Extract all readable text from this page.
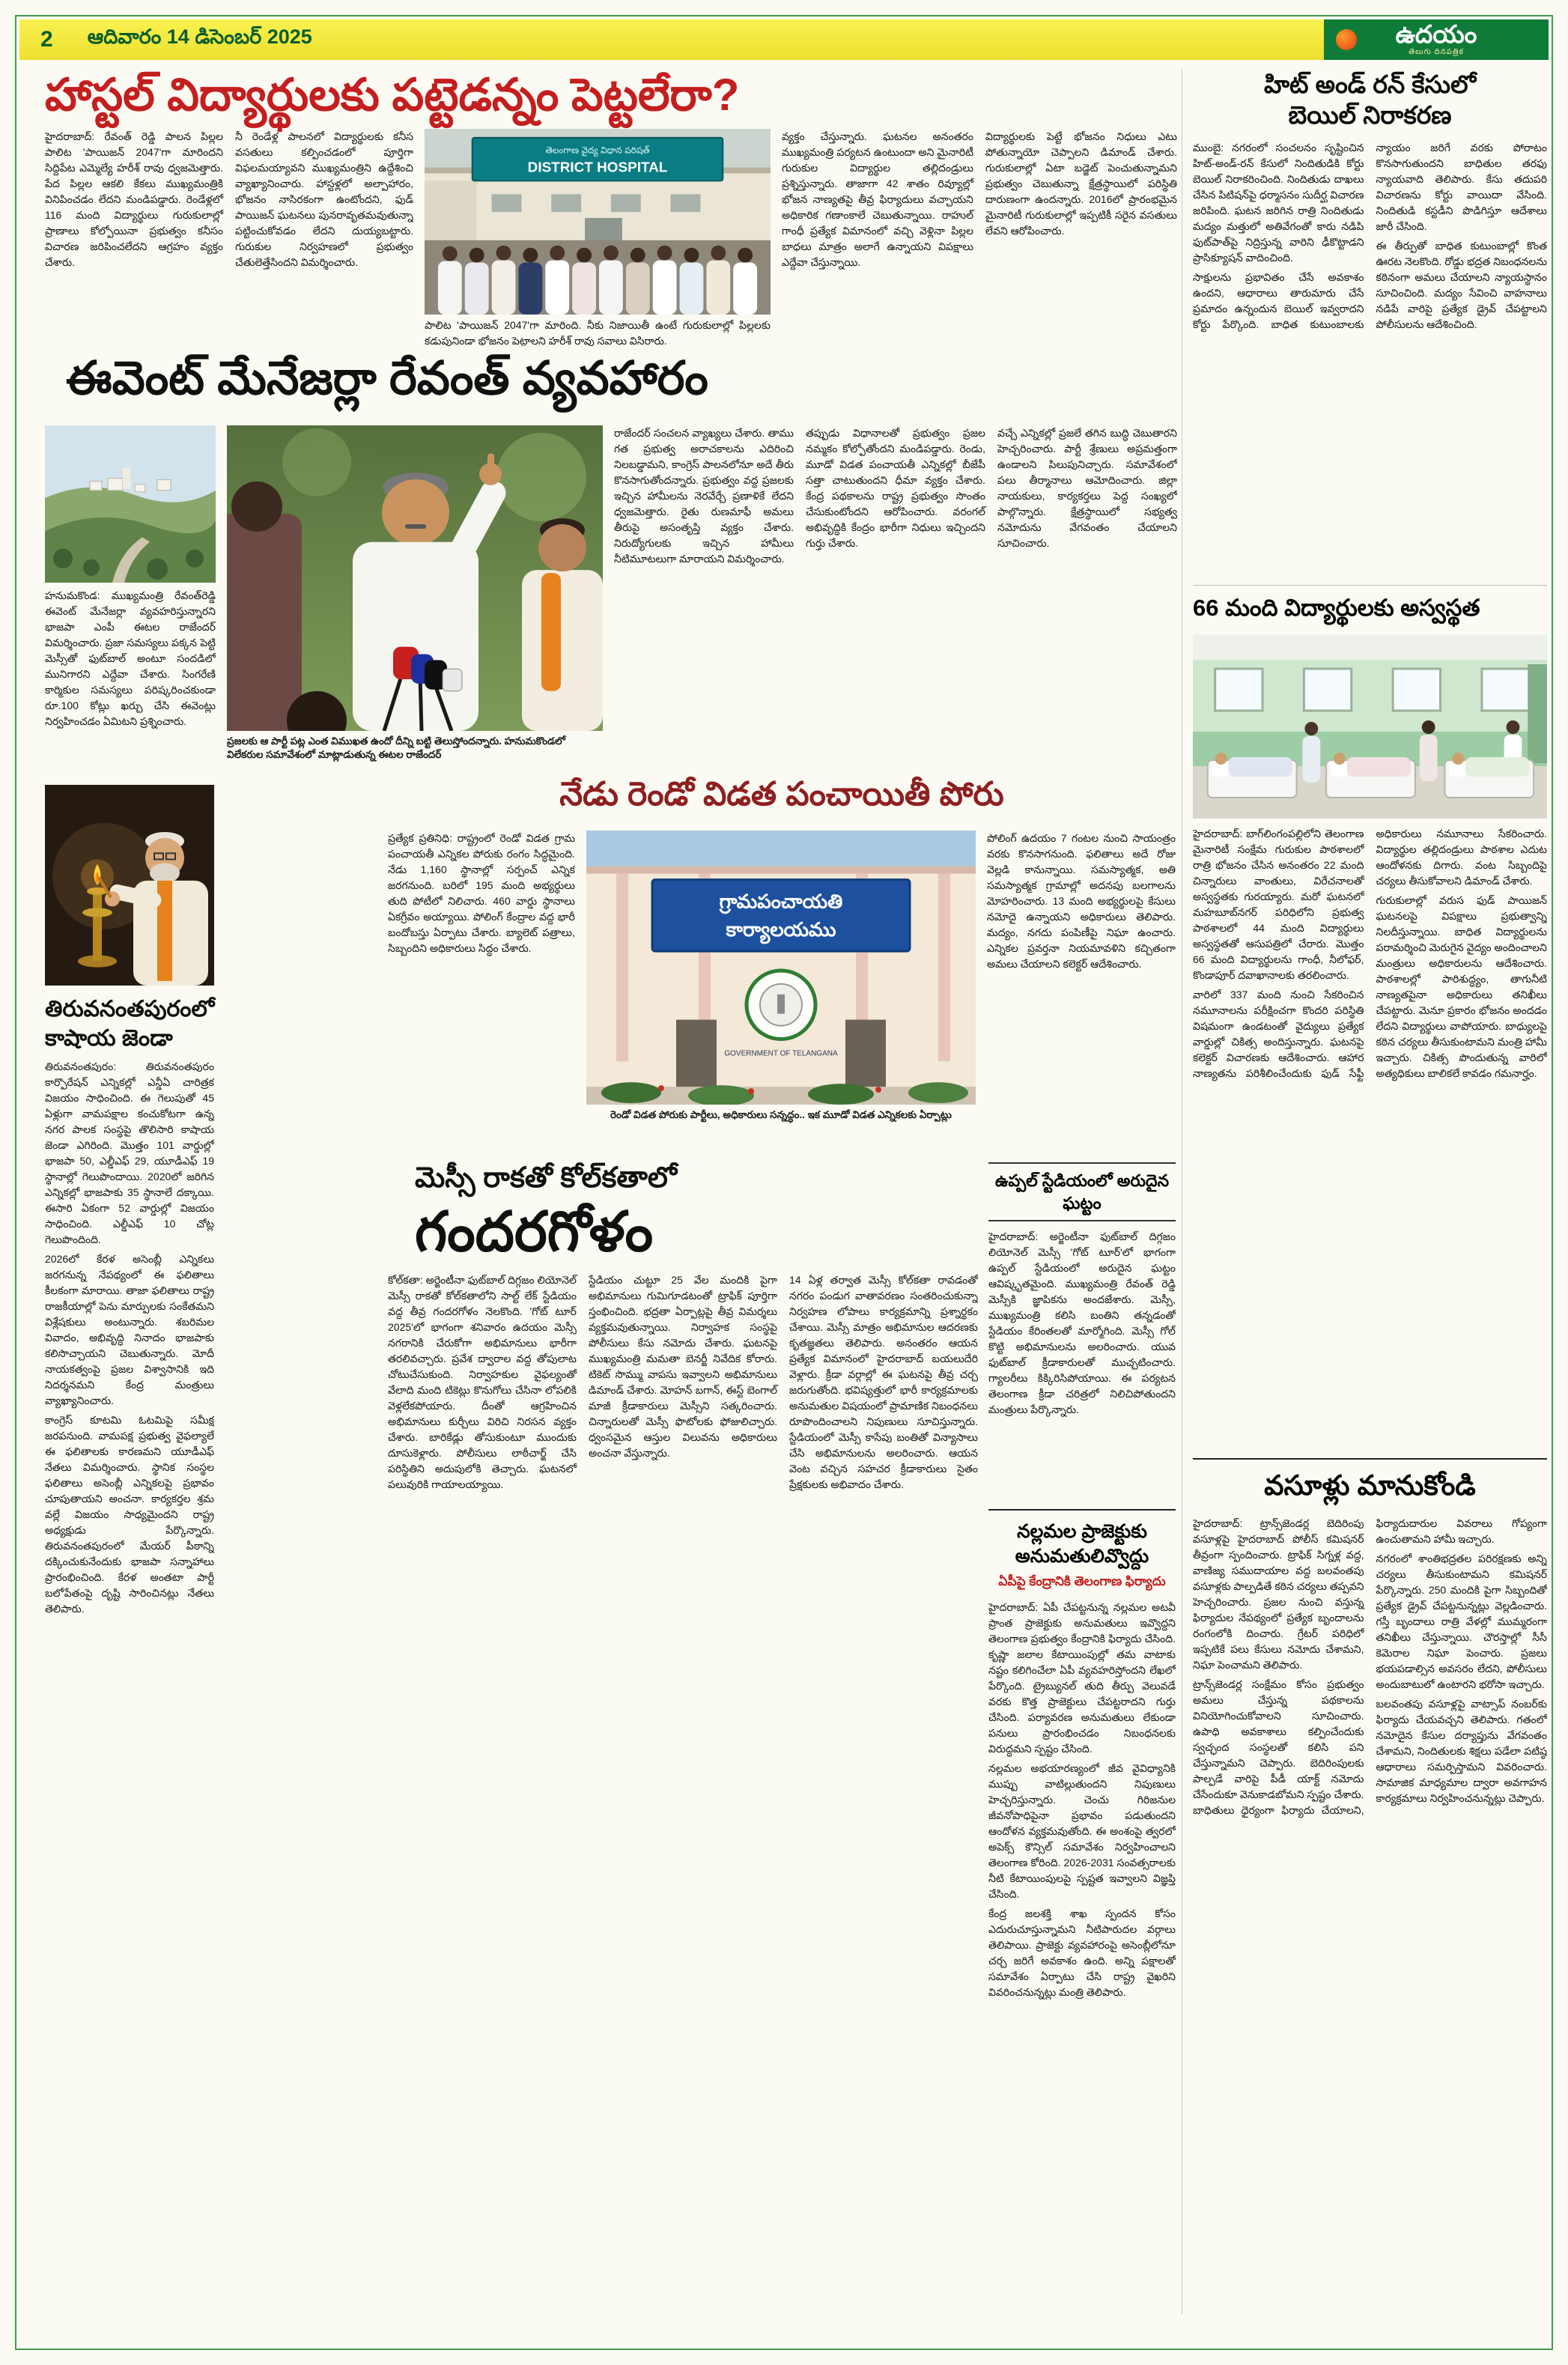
2 ఆదివారం 14 డిసెంబర్ 2025	ఉదయం
తెలుగు దినపత్రిక
హాస్టల్ విద్యార్థులకు పట్టెడన్నం పెట్టలేరా?

హైదరాబాద్: రేవంత్ రెడ్డి పాలన పిల్లల పాలిట 'పాయిజన్ 2047'గా మారిందని సిద్దిపేట ఎమ్మెల్యే హరీశ్ రావు ధ్వజమెత్తారు. పేద పిల్లల ఆకలి కేకలు ముఖ్యమంత్రికి వినిపించడం లేదని మండిపడ్డారు. రెండేళ్లలో 116 మంది విద్యార్థులు గురుకులాల్లో ప్రాణాలు కోల్పోయినా ప్రభుత్వం కనీసం విచారణ జరిపించలేదని ఆగ్రహం వ్యక్తం చేశారు.

నీ రెండేళ్ల పాలనలో విద్యార్థులకు కనీస వసతులు కల్పించడంలో పూర్తిగా విఫలమయ్యావని ముఖ్యమంత్రిని ఉద్దేశించి వ్యాఖ్యానించారు. హాస్టళ్లలో అల్పాహారం, భోజనం నాసిరకంగా ఉంటోందని, ఫుడ్ పాయిజన్ ఘటనలు పునరావృతమవుతున్నా పట్టించుకోవడం లేదని దుయ్యబట్టారు. గురుకుల నిర్వహణలో ప్రభుత్వం చేతులెత్తేసిందని విమర్శించారు.

తెలంగాణ వైద్య విధాన పరిషత్
DISTRICT HOSPITAL
పాలిట 'పాయిజన్ 2047'గా మారింది. నీకు నిజాయితీ ఉంటే గురుకులాల్లో పిల్లలకు కడుపునిండా భోజనం పెట్టాలని హరీశ్ రావు సవాలు విసిరారు.

వ్యక్తం చేస్తున్నారు. ఘటనల అనంతరం ముఖ్యమంత్రి పర్యటన ఉంటుందా అని మైనారిటీ గురుకుల విద్యార్థుల తల్లిదండ్రులు ప్రశ్నిస్తున్నారు. తాజాగా 42 శాతం రివ్యూల్లో భోజన నాణ్యతపై తీవ్ర ఫిర్యాదులు వచ్చాయని అధికారిక గణాంకాలే చెబుతున్నాయి. రాహుల్ గాంధీ ప్రత్యేక విమానంలో వచ్చి వెళ్లినా పిల్లల బాధలు మాత్రం అలాగే ఉన్నాయని విపక్షాలు ఎద్దేవా చేస్తున్నాయి.

విద్యార్థులకు పెట్టే భోజనం నిధులు ఎటు పోతున్నాయో చెప్పాలని డిమాండ్ చేశారు. గురుకులాల్లో ఏటా బడ్జెట్ పెంచుతున్నామని ప్రభుత్వం చెబుతున్నా క్షేత్రస్థాయిలో పరిస్థితి దారుణంగా ఉందన్నారు. 2016లో ప్రారంభమైన మైనారిటీ గురుకులాల్లో ఇప్పటికీ సరైన వసతులు లేవని ఆరోపించారు.

ఈవెంట్ మేనేజర్లా రేవంత్ వ్యవహారం

హనుమకొండ: ముఖ్యమంత్రి రేవంత్‌రెడ్డి ఈవెంట్ మేనేజర్లా వ్యవహరిస్తున్నారని భాజపా ఎంపీ ఈటల రాజేందర్ విమర్శించారు. ప్రజా సమస్యలు పక్కన పెట్టి మెస్సీతో ఫుట్‌బాల్ అంటూ సందడిలో మునిగారని ఎద్దేవా చేశారు. సింగరేణి కార్మికుల సమస్యలు పరిష్కరించకుండా రూ.100 కోట్లు ఖర్చు చేసి ఈవెంట్లు నిర్వహించడం ఏమిటని ప్రశ్నించారు.

ప్రజలకు ఆ పార్టీ పట్ల ఎంత విముఖత ఉందో దీన్ని బట్టి తెలుస్తోందన్నారు. హనుమకొండలో విలేకరుల సమావేశంలో మాట్లాడుతున్న ఈటల రాజేందర్

రాజేందర్ సంచలన వ్యాఖ్యలు చేశారు. తాము గత ప్రభుత్వ అరాచకాలను ఎదిరించి నిలబడ్డామని, కాంగ్రెస్ పాలనలోనూ అదే తీరు కొనసాగుతోందన్నారు. ప్రభుత్వం వద్ద ప్రజలకు ఇచ్చిన హామీలను నెరవేర్చే ప్రణాళికే లేదని ధ్వజమెత్తారు. రైతు రుణమాఫీ అమలు తీరుపై అసంతృప్తి వ్యక్తం చేశారు. నిరుద్యోగులకు ఇచ్చిన హామీలు నీటిమూటలుగా మారాయని విమర్శించారు.

తప్పుడు విధానాలతో ప్రభుత్వం ప్రజల నమ్మకం కోల్పోతోందని మండిపడ్డారు. రెండు, మూడో విడత పంచాయతీ ఎన్నికల్లో బీజేపీ సత్తా చాటుతుందని ధీమా వ్యక్తం చేశారు. కేంద్ర పథకాలను రాష్ట్ర ప్రభుత్వం సొంతం చేసుకుంటోందని ఆరోపించారు. వరంగల్ అభివృద్ధికి కేంద్రం భారీగా నిధులు ఇచ్చిందని గుర్తు చేశారు.

వచ్చే ఎన్నికల్లో ప్రజలే తగిన బుద్ధి చెబుతారని హెచ్చరించారు. పార్టీ శ్రేణులు అప్రమత్తంగా ఉండాలని పిలుపునిచ్చారు. సమావేశంలో పలు తీర్మానాలు ఆమోదించారు. జిల్లా నాయకులు, కార్యకర్తలు పెద్ద సంఖ్యలో పాల్గొన్నారు. క్షేత్రస్థాయిలో సభ్యత్వ నమోదును వేగవంతం చేయాలని సూచించారు.

తిరువనంతపురంలో
కాషాయ జెండా

తిరువనంతపురం: తిరువనంతపురం కార్పొరేషన్ ఎన్నికల్లో ఎన్డీఏ చారిత్రక విజయం సాధించింది. ఈ గెలుపుతో 45 ఏళ్లుగా వామపక్షాల కంచుకోటగా ఉన్న నగర పాలక సంస్థపై తొలిసారి కాషాయ జెండా ఎగిరింది. మొత్తం 101 వార్డుల్లో భాజపా 50, ఎల్డీఎఫ్ 29, యూడీఎఫ్ 19 స్థానాల్లో గెలుపొందాయి. 2020లో జరిగిన ఎన్నికల్లో భాజపాకు 35 స్థానాలే దక్కాయి. ఈసారి ఏకంగా 52 వార్డుల్లో విజయం సాధించింది. ఎల్డీఎఫ్ 10 చోట్ల గెలుపొందింది.

2026లో కేరళ అసెంబ్లీ ఎన్నికలు జరగనున్న నేపథ్యంలో ఈ ఫలితాలు కీలకంగా మారాయి. తాజా ఫలితాలు రాష్ట్ర రాజకీయాల్లో పెను మార్పులకు సంకేతమని విశ్లేషకులు అంటున్నారు. శబరిమల వివాదం, అభివృద్ధి నినాదం భాజపాకు కలిసొచ్చాయని చెబుతున్నారు. మోదీ నాయకత్వంపై ప్రజల విశ్వాసానికి ఇది నిదర్శనమని కేంద్ర మంత్రులు వ్యాఖ్యానించారు.

కాంగ్రెస్ కూటమి ఓటమిపై సమీక్ష జరపనుంది. వామపక్ష ప్రభుత్వ వైఫల్యాలే ఈ ఫలితాలకు కారణమని యూడీఎఫ్ నేతలు విమర్శించారు. స్థానిక సంస్థల ఫలితాలు అసెంబ్లీ ఎన్నికలపై ప్రభావం చూపుతాయని అంచనా. కార్యకర్తల శ్రమ వల్లే విజయం సాధ్యమైందని రాష్ట్ర అధ్యక్షుడు పేర్కొన్నారు. తిరువనంతపురంలో మేయర్ పీఠాన్ని దక్కించుకునేందుకు భాజపా సన్నాహాలు ప్రారంభించింది. కేరళ అంతటా పార్టీ బలోపేతంపై దృష్టి సారించినట్లు నేతలు తెలిపారు.

నేడు రెండో విడత పంచాయితీ పోరు

ప్రత్యేక ప్రతినిధి: రాష్ట్రంలో రెండో విడత గ్రామ పంచాయతీ ఎన్నికల పోరుకు రంగం సిద్ధమైంది. నేడు 1,160 స్థానాల్లో సర్పంచ్ ఎన్నిక జరగనుంది. బరిలో 195 మంది అభ్యర్థులు తుది పోటీలో నిలిచారు. 460 వార్డు స్థానాలు ఏకగ్రీవం అయ్యాయి. పోలింగ్ కేంద్రాల వద్ద భారీ బందోబస్తు ఏర్పాటు చేశారు. బ్యాలెట్ పత్రాలు, సిబ్బందిని అధికారులు సిద్ధం చేశారు.

గ్రామపంచాయతి
కార్యాలయము
GOVERNMENT OF TELANGANA
రెండో విడత పోరుకు పార్టీలు, అధికారులు సన్నద్ధం.. ఇక మూడో విడత ఎన్నికలకు ఏర్పాట్లు

పోలింగ్ ఉదయం 7 గంటల నుంచి సాయంత్రం వరకు కొనసాగనుంది. ఫలితాలు అదే రోజు వెల్లడి కానున్నాయి. సమస్యాత్మక, అతి సమస్యాత్మక గ్రామాల్లో అదనపు బలగాలను మోహరించారు. 13 మంది అభ్యర్థులపై కేసులు నమోదై ఉన్నాయని అధికారులు తెలిపారు. మద్యం, నగదు పంపిణీపై నిఘా ఉంచారు. ఎన్నికల ప్రవర్తనా నియమావళిని కచ్చితంగా అమలు చేయాలని కలెక్టర్ ఆదేశించారు.

మెస్సీ రాకతో కోల్‌కతాలో
గందరగోళం

కోల్‌కతా: అర్జెంటీనా ఫుట్‌బాల్ దిగ్గజం లియోనెల్ మెస్సీ రాకతో కోల్‌కతాలోని సాల్ట్ లేక్ స్టేడియం వద్ద తీవ్ర గందరగోళం నెలకొంది. 'గోట్ టూర్ 2025'లో భాగంగా శనివారం ఉదయం మెస్సీ నగరానికి చేరుకోగా అభిమానులు భారీగా తరలివచ్చారు. ప్రవేశ ద్వారాల వద్ద తోపులాట చోటుచేసుకుంది. నిర్వాహకుల వైఫల్యంతో వేలాది మంది టికెట్లు కొనుగోలు చేసినా లోపలికి వెళ్లలేకపోయారు. దీంతో ఆగ్రహించిన అభిమానులు కుర్చీలు విరిచి నిరసన వ్యక్తం చేశారు. బారికేడ్లు తోసుకుంటూ ముందుకు దూసుకెళ్లారు. పోలీసులు లాఠీచార్జ్ చేసి పరిస్థితిని అదుపులోకి తెచ్చారు. ఘటనలో పలువురికి గాయాలయ్యాయి.

స్టేడియం చుట్టూ 25 వేల మందికి పైగా అభిమానులు గుమిగూడటంతో ట్రాఫిక్ పూర్తిగా స్తంభించింది. భద్రతా ఏర్పాట్లపై తీవ్ర విమర్శలు వ్యక్తమవుతున్నాయి. నిర్వాహక సంస్థపై పోలీసులు కేసు నమోదు చేశారు. ఘటనపై ముఖ్యమంత్రి మమతా బెనర్జీ నివేదిక కోరారు. టికెట్ సొమ్ము వాపసు ఇవ్వాలని అభిమానులు డిమాండ్ చేశారు. మోహన్ బగాన్, ఈస్ట్ బెంగాల్ మాజీ క్రీడాకారులు మెస్సీని సత్కరించారు. చిన్నారులతో మెస్సీ ఫొటోలకు ఫోజులిచ్చారు. ధ్వంసమైన ఆస్తుల విలువను అధికారులు అంచనా వేస్తున్నారు.

14 ఏళ్ల తర్వాత మెస్సీ కోల్‌కతా రావడంతో నగరం పండుగ వాతావరణం సంతరించుకున్నా నిర్వహణ లోపాలు కార్యక్రమాన్ని ప్రశ్నార్థకం చేశాయి. మెస్సీ మాత్రం అభిమానుల ఆదరణకు కృతజ్ఞతలు తెలిపారు. అనంతరం ఆయన ప్రత్యేక విమానంలో హైదరాబాద్ బయలుదేరి వెళ్లారు. క్రీడా వర్గాల్లో ఈ ఘటనపై తీవ్ర చర్చ జరుగుతోంది. భవిష్యత్తులో భారీ కార్యక్రమాలకు అనుమతుల విషయంలో ప్రామాణిక నిబంధనలు రూపొందించాలని నిపుణులు సూచిస్తున్నారు. స్టేడియంలో మెస్సీ కాసేపు బంతితో విన్యాసాలు చేసి అభిమానులను అలరించారు. ఆయన వెంట వచ్చిన సహచర క్రీడాకారులు సైతం ప్రేక్షకులకు అభివాదం చేశారు.

ఉప్పల్ స్టేడియంలో అరుదైన ఘట్టం

హైదరాబాద్: అర్జెంటీనా ఫుట్‌బాల్ దిగ్గజం లియోనెల్ మెస్సీ 'గోట్ టూర్'లో భాగంగా ఉప్పల్ స్టేడియంలో అరుదైన ఘట్టం ఆవిష్కృతమైంది. ముఖ్యమంత్రి రేవంత్ రెడ్డి మెస్సీకి జ్ఞాపికను అందజేశారు. మెస్సీ, ముఖ్యమంత్రి కలిసి బంతిని తన్నడంతో స్టేడియం కేరింతలతో మార్మోగింది. మెస్సీ గోల్ కొట్టి అభిమానులను అలరించారు. యువ ఫుట్‌బాల్ క్రీడాకారులతో ముచ్చటించారు. గ్యాలరీలు కిక్కిరిసిపోయాయి. ఈ పర్యటన తెలంగాణ క్రీడా చరిత్రలో నిలిచిపోతుందని మంత్రులు పేర్కొన్నారు.

నల్లమల ప్రాజెక్టుకు అనుమతులివ్వొద్దు
ఏపీపై కేంద్రానికి తెలంగాణ ఫిర్యాదు

హైదరాబాద్: ఏపీ చేపట్టనున్న నల్లమల అటవీ ప్రాంత ప్రాజెక్టుకు అనుమతులు ఇవ్వొద్దని తెలంగాణ ప్రభుత్వం కేంద్రానికి ఫిర్యాదు చేసింది. కృష్ణా జలాల కేటాయింపుల్లో తమ వాటాకు నష్టం కలిగించేలా ఏపీ వ్యవహరిస్తోందని లేఖలో పేర్కొంది. ట్రైబ్యునల్ తుది తీర్పు వెలువడే వరకు కొత్త ప్రాజెక్టులు చేపట్టరాదని గుర్తు చేసింది. పర్యావరణ అనుమతులు లేకుండా పనులు ప్రారంభించడం నిబంధనలకు విరుద్ధమని స్పష్టం చేసింది.

నల్లమల అభయారణ్యంలో జీవ వైవిధ్యానికి ముప్పు వాటిల్లుతుందని నిపుణులు హెచ్చరిస్తున్నారు. చెంచు గిరిజనుల జీవనోపాధిపైనా ప్రభావం పడుతుందని ఆందోళన వ్యక్తమవుతోంది. ఈ అంశంపై త్వరలో అపెక్స్ కౌన్సిల్ సమావేశం నిర్వహించాలని తెలంగాణ కోరింది. 2026-2031 సంవత్సరాలకు నీటి కేటాయింపులపై స్పష్టత ఇవ్వాలని విజ్ఞప్తి చేసింది.

కేంద్ర జలశక్తి శాఖ స్పందన కోసం ఎదురుచూస్తున్నామని నీటిపారుదల వర్గాలు తెలిపాయి. ప్రాజెక్టు వ్యవహారంపై అసెంబ్లీలోనూ చర్చ జరిగే అవకాశం ఉంది. అన్ని పక్షాలతో సమావేశం ఏర్పాటు చేసి రాష్ట్ర వైఖరిని వివరించనున్నట్లు మంత్రి తెలిపారు.

హిట్ అండ్ రన్ కేసులో
బెయిల్ నిరాకరణ

ముంబై: నగరంలో సంచలనం సృష్టించిన హిట్-అండ్-రన్ కేసులో నిందితుడికి కోర్టు బెయిల్ నిరాకరించింది. నిందితుడు దాఖలు చేసిన పిటిషన్‌పై ధర్మాసనం సుదీర్ఘ విచారణ జరిపింది. ఘటన జరిగిన రాత్రి నిందితుడు మద్యం మత్తులో అతివేగంతో కారు నడిపి ఫుట్‌పాత్‌పై నిద్రిస్తున్న వారిని ఢీకొట్టాడని ప్రాసిక్యూషన్ వాదించింది.

సాక్షులను ప్రభావితం చేసే అవకాశం ఉందని, ఆధారాలు తారుమారు చేసే ప్రమాదం ఉన్నందున బెయిల్ ఇవ్వరాదని కోర్టు పేర్కొంది. బాధిత కుటుంబాలకు న్యాయం జరిగే వరకు పోరాటం కొనసాగుతుందని బాధితుల తరఫు న్యాయవాది తెలిపారు. కేసు తదుపరి విచారణను కోర్టు వాయిదా వేసింది. నిందితుడి కస్టడీని పొడిగిస్తూ ఆదేశాలు జారీ చేసింది.

ఈ తీర్పుతో బాధిత కుటుంబాల్లో కొంత ఊరట నెలకొంది. రోడ్డు భద్రత నిబంధనలను కఠినంగా అమలు చేయాలని న్యాయస్థానం సూచించింది. మద్యం సేవించి వాహనాలు నడిపే వారిపై ప్రత్యేక డ్రైవ్ చేపట్టాలని పోలీసులను ఆదేశించింది.

66 మంది విద్యార్థులకు అస్వస్థత

హైదరాబాద్: బాగ్‌లింగంపల్లిలోని తెలంగాణ మైనారిటీ సంక్షేమ గురుకుల పాఠశాలలో రాత్రి భోజనం చేసిన అనంతరం 22 మంది చిన్నారులు వాంతులు, విరేచనాలతో అస్వస్థతకు గురయ్యారు. మరో ఘటనలో మహబూబ్‌నగర్ పరిధిలోని ప్రభుత్వ పాఠశాలలో 44 మంది విద్యార్థులు అస్వస్థతతో ఆసుపత్రిలో చేరారు. మొత్తం 66 మంది విద్యార్థులను గాంధీ, నీలోఫర్, కొండాపూర్ దవాఖానాలకు తరలించారు.

వారిలో 337 మంది నుంచి సేకరించిన నమూనాలను పరీక్షించగా కొందరి పరిస్థితి విషమంగా ఉండటంతో వైద్యులు ప్రత్యేక వార్డుల్లో చికిత్స అందిస్తున్నారు. ఘటనపై కలెక్టర్ విచారణకు ఆదేశించారు. ఆహార నాణ్యతను పరిశీలించేందుకు ఫుడ్ సేఫ్టీ అధికారులు నమూనాలు సేకరించారు. విద్యార్థుల తల్లిదండ్రులు పాఠశాల ఎదుట ఆందోళనకు దిగారు. వంట సిబ్బందిపై చర్యలు తీసుకోవాలని డిమాండ్ చేశారు.

గురుకులాల్లో వరుస ఫుడ్ పాయిజన్ ఘటనలపై విపక్షాలు ప్రభుత్వాన్ని నిలదీస్తున్నాయి. బాధిత విద్యార్థులను పరామర్శించి మెరుగైన వైద్యం అందించాలని మంత్రులు అధికారులను ఆదేశించారు. పాఠశాలల్లో పారిశుద్ధ్యం, తాగునీటి నాణ్యతపైనా అధికారులు తనిఖీలు చేపట్టారు. మెనూ ప్రకారం భోజనం అందడం లేదని విద్యార్థులు వాపోయారు. బాధ్యులపై కఠిన చర్యలు తీసుకుంటామని మంత్రి హామీ ఇచ్చారు. చికిత్స పొందుతున్న వారిలో అత్యధికులు బాలికలే కావడం గమనార్హం.

వసూళ్లు మానుకోండి

హైదరాబాద్: ట్రాన్స్‌జెండర్ల బెదిరింపు వసూళ్లపై హైదరాబాద్ పోలీస్ కమిషనర్ తీవ్రంగా స్పందించారు. ట్రాఫిక్ సిగ్నళ్ల వద్ద, వాణిజ్య సముదాయాల వద్ద బలవంతపు వసూళ్లకు పాల్పడితే కఠిన చర్యలు తప్పవని హెచ్చరించారు. ప్రజల నుంచి వస్తున్న ఫిర్యాదుల నేపథ్యంలో ప్రత్యేక బృందాలను రంగంలోకి దించారు. గ్రేటర్ పరిధిలో ఇప్పటికే పలు కేసులు నమోదు చేశామని, నిఘా పెంచామని తెలిపారు.

ట్రాన్స్‌జెండర్ల సంక్షేమం కోసం ప్రభుత్వం అమలు చేస్తున్న పథకాలను వినియోగించుకోవాలని సూచించారు. ఉపాధి అవకాశాలు కల్పించేందుకు స్వచ్ఛంద సంస్థలతో కలిసి పని చేస్తున్నామని చెప్పారు. బెదిరింపులకు పాల్పడే వారిపై పీడీ యాక్ట్ నమోదు చేసేందుకూ వెనుకాడబోమని స్పష్టం చేశారు. బాధితులు ధైర్యంగా ఫిర్యాదు చేయాలని, ఫిర్యాదుదారుల వివరాలు గోప్యంగా ఉంచుతామని హామీ ఇచ్చారు.

నగరంలో శాంతిభద్రతల పరిరక్షణకు అన్ని చర్యలు తీసుకుంటామని కమిషనర్ పేర్కొన్నారు. 250 మందికి పైగా సిబ్బందితో ప్రత్యేక డ్రైవ్ చేపట్టనున్నట్లు వెల్లడించారు. గస్తీ బృందాలు రాత్రి వేళల్లో ముమ్మరంగా తనిఖీలు చేస్తున్నాయి. చౌరస్తాల్లో సీసీ కెమెరాల నిఘా పెంచారు. ప్రజలు భయపడాల్సిన అవసరం లేదని, పోలీసులు అందుబాటులో ఉంటారని భరోసా ఇచ్చారు.

బలవంతపు వసూళ్లపై వాట్సాప్ నంబర్‌కు ఫిర్యాదు చేయవచ్చని తెలిపారు. గతంలో నమోదైన కేసుల దర్యాప్తును వేగవంతం చేశామని, నిందితులకు శిక్షలు పడేలా పటిష్ఠ ఆధారాలు సమర్పిస్తామని వివరించారు. సామాజిక మాధ్యమాల ద్వారా అవగాహన కార్యక్రమాలు నిర్వహించనున్నట్లు చెప్పారు.
